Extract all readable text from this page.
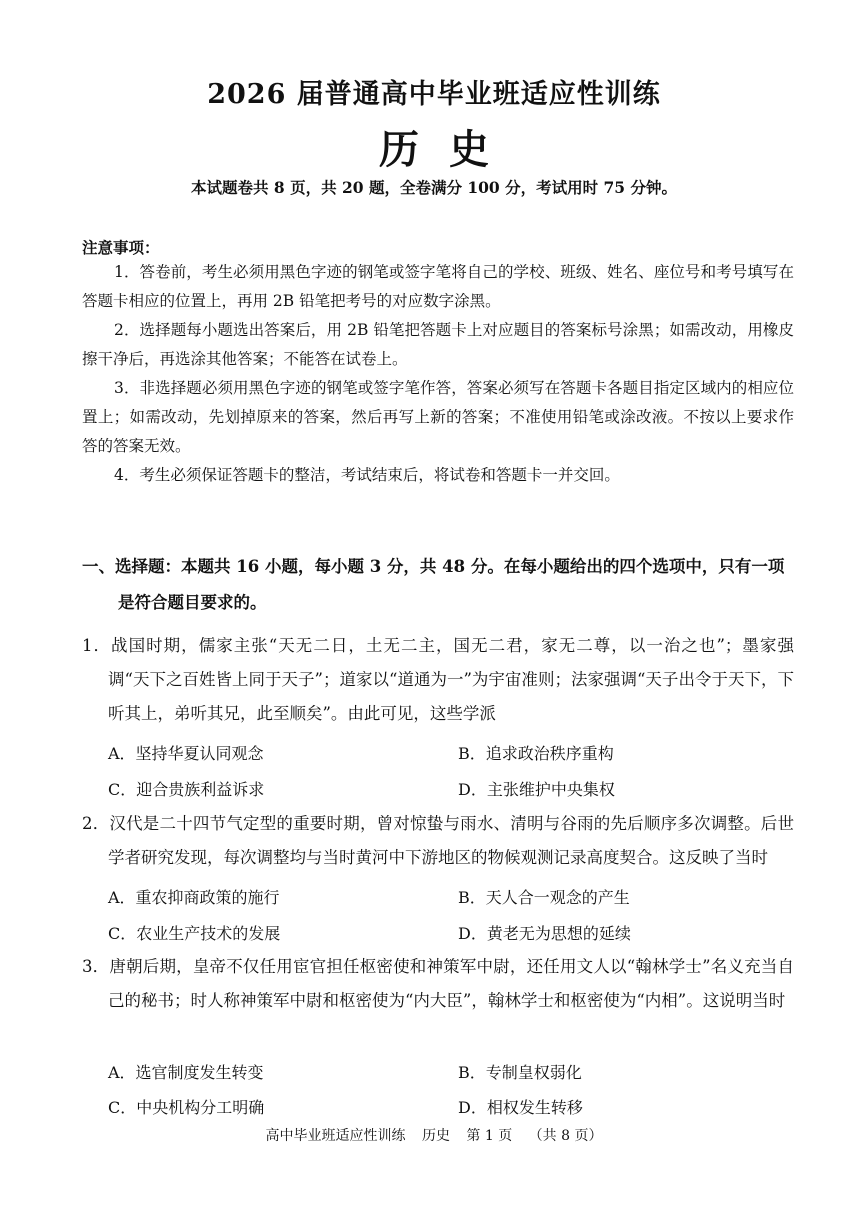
2026 届普通高中毕业班适应性训练
历史
本试题卷共 8 页，共 20 题，全卷满分 100 分，考试用时 75 分钟。
注意事项：
1．答卷前，考生必须用黑色字迹的钢笔或签字笔将自己的学校、班级、姓名、座位号和考号填写在答题卡相应的位置上，再用 2B 铅笔把考号的对应数字涂黑。
2．选择题每小题选出答案后，用 2B 铅笔把答题卡上对应题目的答案标号涂黑；如需改动，用橡皮擦干净后，再选涂其他答案；不能答在试卷上。
3．非选择题必须用黑色字迹的钢笔或签字笔作答，答案必须写在答题卡各题目指定区域内的相应位置上；如需改动，先划掉原来的答案，然后再写上新的答案；不准使用铅笔或涂改液。不按以上要求作答的答案无效。
4．考生必须保证答题卡的整洁，考试结束后，将试卷和答题卡一并交回。
一、选择题：本题共 16 小题，每小题 3 分，共 48 分。在每小题给出的四个选项中，只有一项
是符合题目要求的。
1．战国时期，儒家主张“天无二日，土无二主，国无二君，家无二尊，以一治之也”；墨家强调“天下之百姓皆上同于天子”；道家以“道通为一”为宇宙准则；法家强调“天子出令于天下，下听其上，弟听其兄，此至顺矣”。由此可见，这些学派
A．坚持华夏认同观念	B．追求政治秩序重构
C．迎合贵族利益诉求	D．主张维护中央集权
2．汉代是二十四节气定型的重要时期，曾对惊蛰与雨水、清明与谷雨的先后顺序多次调整。后世学者研究发现，每次调整均与当时黄河中下游地区的物候观测记录高度契合。这反映了当时
A．重农抑商政策的施行	B．天人合一观念的产生
C．农业生产技术的发展	D．黄老无为思想的延续
3．唐朝后期，皇帝不仅任用宦官担任枢密使和神策军中尉，还任用文人以“翰林学士”名义充当自己的秘书；时人称神策军中尉和枢密使为“内大臣”，翰林学士和枢密使为“内相”。这说明当时
A．选官制度发生转变	B．专制皇权弱化
C．中央机构分工明确	D．相权发生转移
高中毕业班适应性训练 历史 第 1 页 （共 8 页）
